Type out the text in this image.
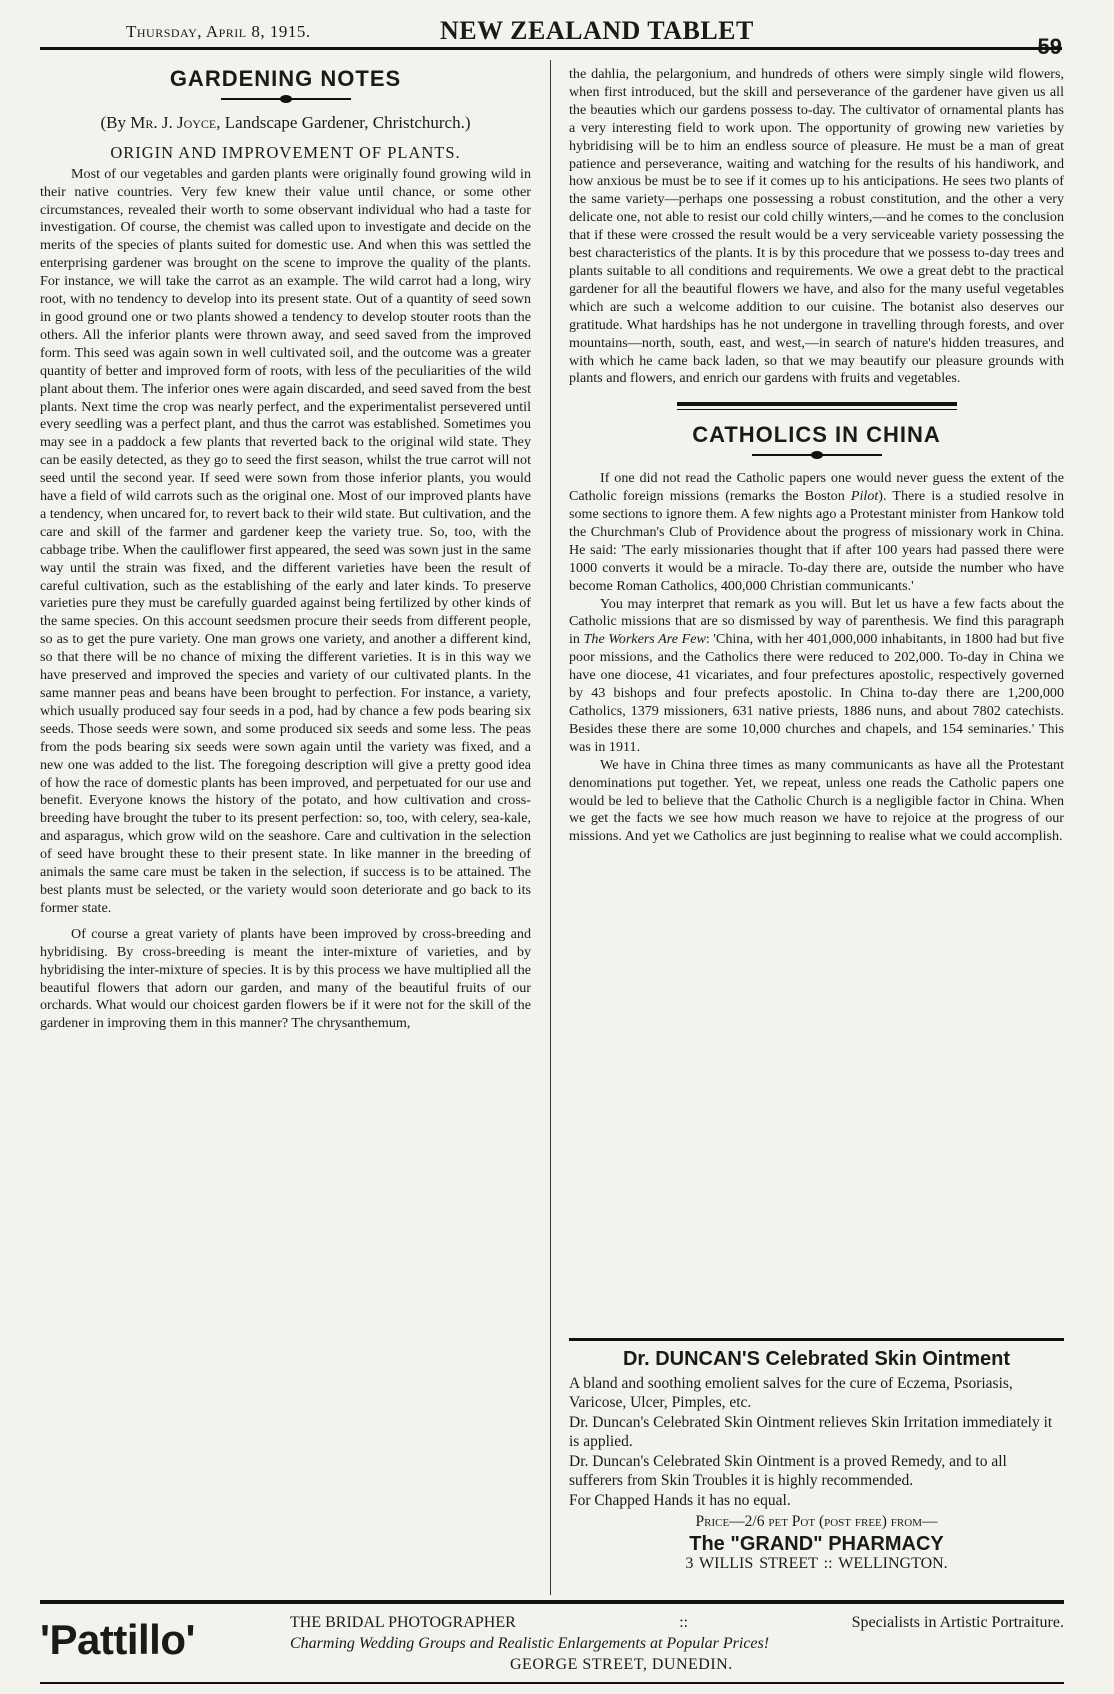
Thursday, April 8, 1915.	NEW ZEALAND TABLET
GARDENING NOTES
(By Mr. J. Joyce, Landscape Gardener, Christchurch.)
ORIGIN AND IMPROVEMENT OF PLANTS.

Most of our vegetables and garden plants were originally found growing wild in their native countries. Very few knew their value until chance, or some other circumstances, revealed their worth to some observant individual who had a taste for investigation. Of course, the chemist was called upon to investigate and decide on the merits of the species of plants suited for domestic use. And when this was settled the enterprising gardener was brought on the scene to improve the quality of the plants. For instance, we will take the carrot as an example. The wild carrot had a long, wiry root, with no tendency to develop into its present state. Out of a quantity of seed sown in good ground one or two plants showed a tendency to develop stouter roots than the others. All the inferior plants were thrown away, and seed saved from the improved form. This seed was again sown in well cultivated soil, and the outcome was a greater quantity of better and improved form of roots, with less of the peculiarities of the wild plant about them. The inferior ones were again discarded, and seed saved from the best plants. Next time the crop was nearly perfect, and the experimentalist persevered until every seedling was a perfect plant, and thus the carrot was established. Sometimes you may see in a paddock a few plants that reverted back to the original wild state. They can be easily detected, as they go to seed the first season, whilst the true carrot will not seed until the second year. If seed were sown from those inferior plants, you would have a field of wild carrots such as the original one. Most of our improved plants have a tendency, when uncared for, to revert back to their wild state. But cultivation, and the care and skill of the farmer and gardener keep the variety true. So, too, with the cabbage tribe. When the cauliflower first appeared, the seed was sown just in the same way until the strain was fixed, and the different varieties have been the result of careful cultivation, such as the establishing of the early and later kinds. To preserve varieties pure they must be carefully guarded against being fertilized by other kinds of the same species. On this account seedsmen procure their seeds from different people, so as to get the pure variety. One man grows one variety, and another a different kind, so that there will be no chance of mixing the different varieties. It is in this way we have preserved and improved the species and variety of our cultivated plants. In the same manner peas and beans have been brought to perfection. For instance, a variety, which usually produced say four seeds in a pod, had by chance a few pods bearing six seeds. Those seeds were sown, and some produced six seeds and some less. The peas from the pods bearing six seeds were sown again until the variety was fixed, and a new one was added to the list. The foregoing description will give a pretty good idea of how the race of domestic plants has been improved, and perpetuated for our use and benefit. Everyone knows the history of the potato, and how cultivation and cross-breeding have brought the tuber to its present perfection: so, too, with celery, sea-kale, and asparagus, which grow wild on the seashore. Care and cultivation in the selection of seed have brought these to their present state. In like manner in the breeding of animals the same care must be taken in the selection, if success is to be attained. The best plants must be selected, or the variety would soon deteriorate and go back to its former state.

Of course a great variety of plants have been improved by cross-breeding and hybridising. By cross-breeding is meant the inter-mixture of varieties, and by hybridising the inter-mixture of species. It is by this process we have multiplied all the beautiful flowers that adorn our garden, and many of the beautiful fruits of our orchards. What would our choicest garden flowers be if it were not for the skill of the gardener in improving them in this manner? The chrysanthemum,

the dahlia, the pelargonium, and hundreds of others were simply single wild flowers, when first introduced, but the skill and perseverance of the gardener have given us all the beauties which our gardens possess to-day. The cultivator of ornamental plants has a very interesting field to work upon. The opportunity of growing new varieties by hybridising will be to him an endless source of pleasure. He must be a man of great patience and perseverance, waiting and watching for the results of his handiwork, and how anxious be must be to see if it comes up to his anticipations. He sees two plants of the same variety—perhaps one possessing a robust constitution, and the other a very delicate one, not able to resist our cold chilly winters,—and he comes to the conclusion that if these were crossed the result would be a very serviceable variety possessing the best characteristics of the plants. It is by this procedure that we possess to-day trees and plants suitable to all conditions and requirements. We owe a great debt to the practical gardener for all the beautiful flowers we have, and also for the many useful vegetables which are such a welcome addition to our cuisine. The botanist also deserves our gratitude. What hardships has he not undergone in travelling through forests, and over mountains—north, south, east, and west,—in search of nature's hidden treasures, and with which he came back laden, so that we may beautify our pleasure grounds with plants and flowers, and enrich our gardens with fruits and vegetables.

CATHOLICS IN CHINA

If one did not read the Catholic papers one would never guess the extent of the Catholic foreign missions (remarks the Boston Pilot). There is a studied resolve in some sections to ignore them. A few nights ago a Protestant minister from Hankow told the Churchman's Club of Providence about the progress of missionary work in China. He said: 'The early missionaries thought that if after 100 years had passed there were 1000 converts it would be a miracle. To-day there are, outside the number who have become Roman Catholics, 400,000 Christian communicants.'

You may interpret that remark as you will. But let us have a few facts about the Catholic missions that are so dismissed by way of parenthesis. We find this paragraph in The Workers Are Few: 'China, with her 401,000,000 inhabitants, in 1800 had but five poor missions, and the Catholics there were reduced to 202,000. To-day in China we have one diocese, 41 vicariates, and four prefectures apostolic, respectively governed by 43 bishops and four prefects apostolic. In China to-day there are 1,200,000 Catholics, 1379 missioners, 631 native priests, 1886 nuns, and about 7802 catechists. Besides these there are some 10,000 churches and chapels, and 154 seminaries.' This was in 1911.

We have in China three times as many communicants as have all the Protestant denominations put together. Yet, we repeat, unless one reads the Catholic papers one would be led to believe that the Catholic Church is a negligible factor in China. When we get the facts we see how much reason we have to rejoice at the progress of our missions. And yet we Catholics are just beginning to realise what we could accomplish.

Dr. DUNCAN'S Celebrated Skin Ointment

A bland and soothing emolient salves for the cure of Eczema, Psoriasis, Varicose, Ulcer, Pimples, etc.

Dr. Duncan's Celebrated Skin Ointment relieves Skin Irritation immediately it is applied.

Dr. Duncan's Celebrated Skin Ointment is a proved Remedy, and to all sufferers from Skin Troubles it is highly recommended.

For Chapped Hands it has no equal.

Price—2/6 pet Pot (post free) from—
The "GRAND" PHARMACY
3 WILLIS STREET :: WELLINGTON.
'Pattillo'	THE BRIDAL PHOTOGRAPHER	::	Specialists in Artistic Portraiture.
Charming Wedding Groups and Realistic Enlargements at Popular Prices!
GEORGE STREET, DUNEDIN.
